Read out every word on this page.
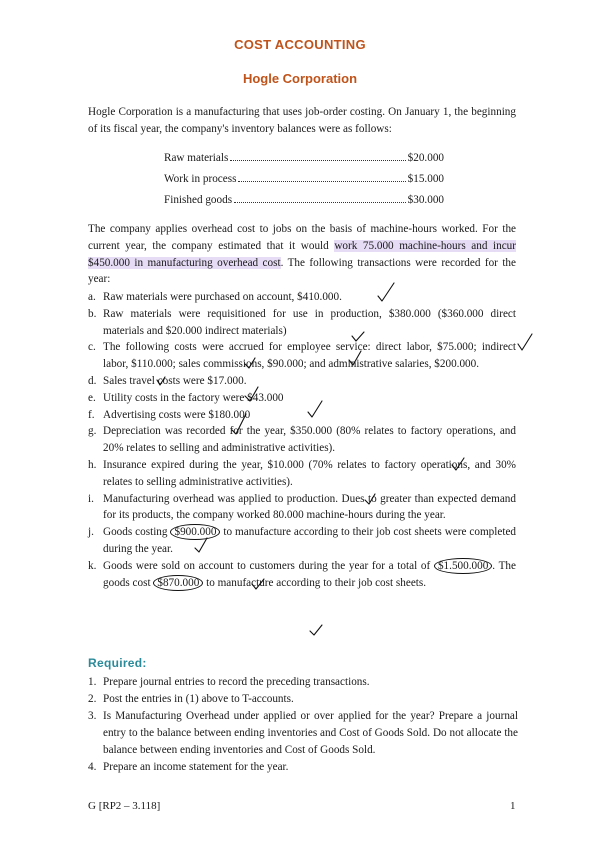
COST ACCOUNTING
Hogle Corporation
Hogle Corporation is a manufacturing that uses job-order costing. On January 1, the beginning of its fiscal year, the company's inventory balances were as follows:
Raw materials	$20.000
Work in process	$15.000
Finished goods	$30.000
The company applies overhead cost to jobs on the basis of machine-hours worked. For the current year, the company estimated that it would work 75.000 machine-hours and incur $450.000 in manufacturing overhead cost. The following transactions were recorded for the year:
a. Raw materials were purchased on account, $410.000.
b. Raw materials were requisitioned for use in production, $380.000 ($360.000 direct materials and $20.000 indirect materials)
c. The following costs were accrued for employee service: direct labor, $75.000; indirect labor, $110.000; sales commissions, $90.000; and administrative salaries, $200.000.
d. Sales travel costs were $17.000.
e. Utility costs in the factory were $43.000
f. Advertising costs were $180.000
g. Depreciation was recorded for the year, $350.000 (80% relates to factory operations, and 20% relates to selling and administrative activities).
h. Insurance expired during the year, $10.000 (70% relates to factory operations, and 30% relates to selling administrative activities).
i. Manufacturing overhead was applied to production. Dues to greater than expected demand for its products, the company worked 80.000 machine-hours during the year.
j. Goods costing $900.000 to manufacture according to their job cost sheets were completed during the year.
k. Goods were sold on account to customers during the year for a total of $1.500.000 . The goods cost $870.000 to manufacture according to their job cost sheets.
Required:
1. Prepare journal entries to record the preceding transactions.
2. Post the entries in (1) above to T-accounts.
3. Is Manufacturing Overhead under applied or over applied for the year? Prepare a journal entry to the balance between ending inventories and Cost of Goods Sold. Do not allocate the balance between ending inventories and Cost of Goods Sold.
4. Prepare an income statement for the year.
G [RP2 – 3.118]	1
